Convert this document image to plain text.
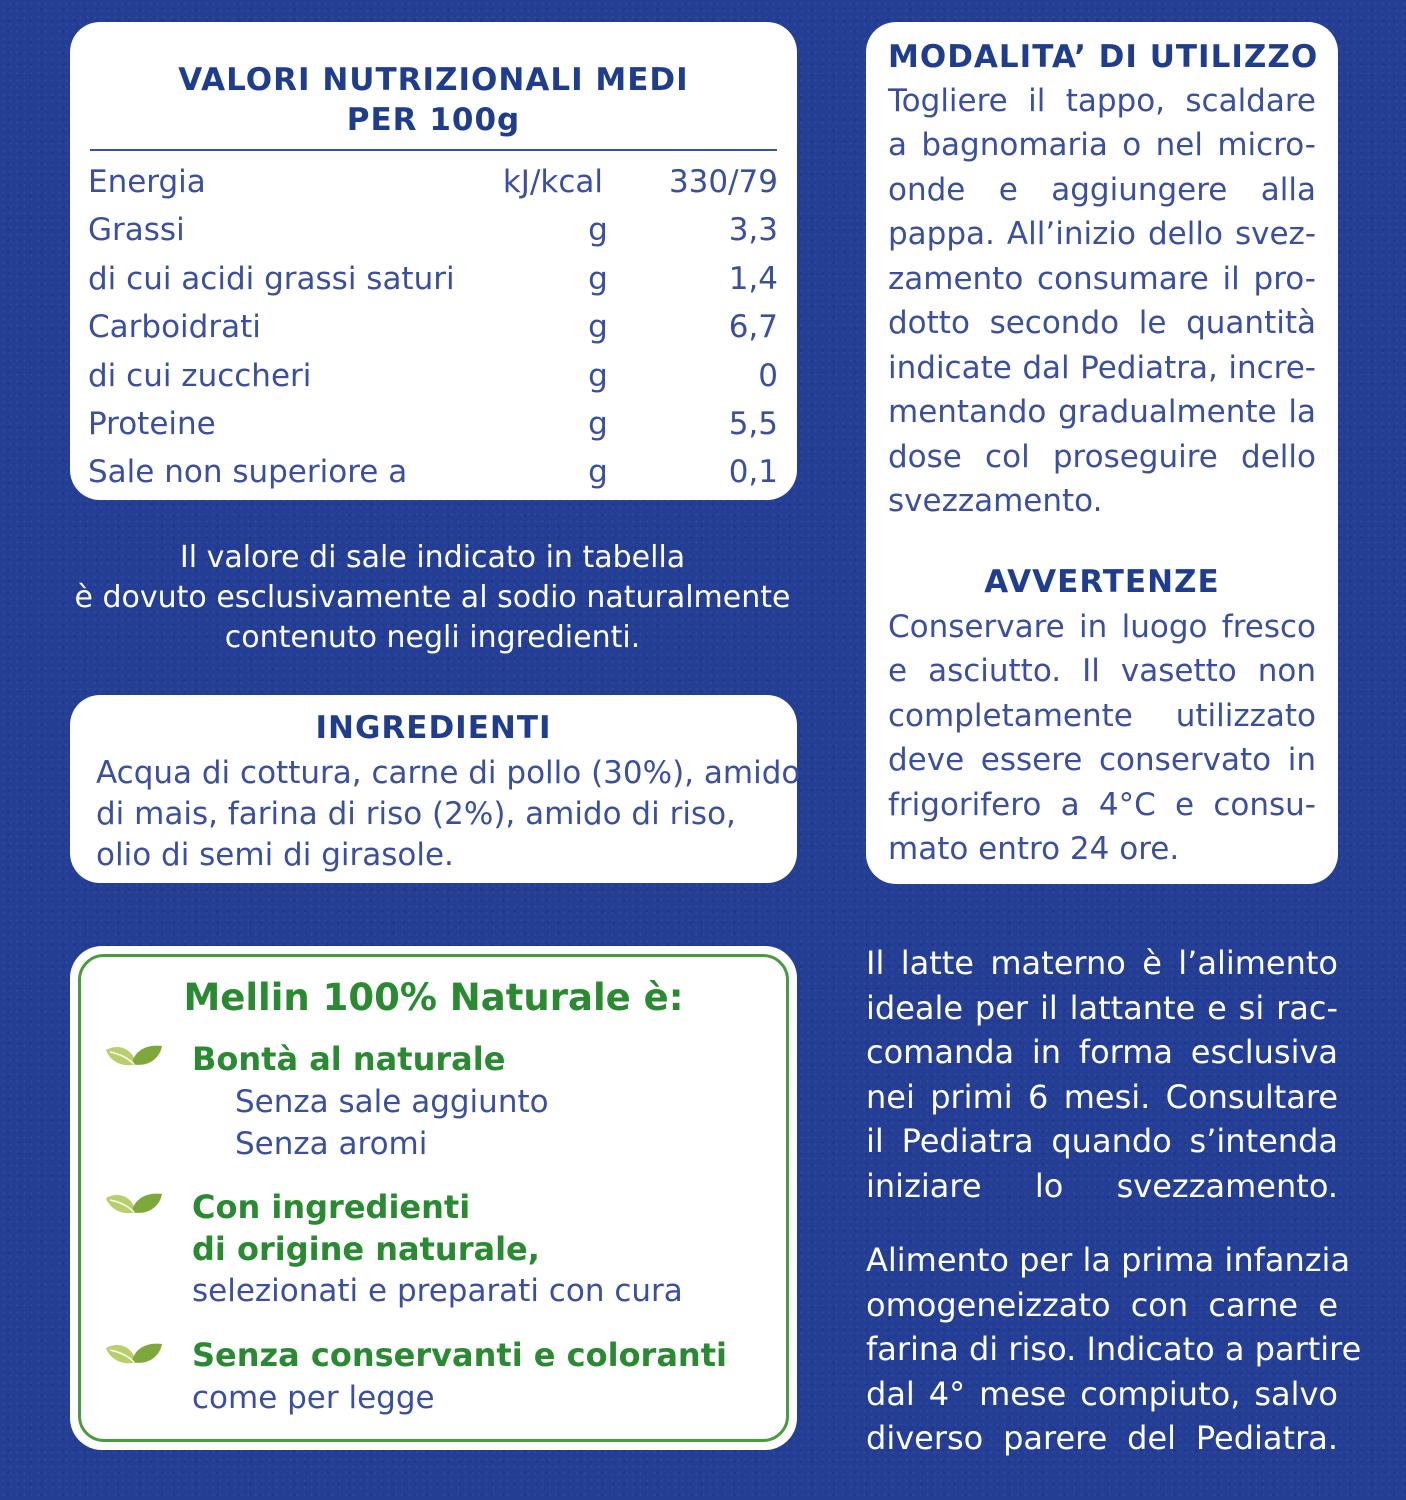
VALORI NUTRIZIONALI MEDI
PER 100g
Energia	kJ/kcal 330/79
Grassi	g	3,3
di cui acidi grassi saturi	g	1,4
Carboidrati	g	6,7
di cui zuccheri	g	0
Proteine	g	5,5
Sale non superiore a	g	0,1
Il valore di sale indicato in tabella
è dovuto esclusivamente al sodio naturalmente
contenuto negli ingredienti.
INGREDIENTI
Acqua di cottura, carne di pollo (30%), amido
di mais, farina di riso (2%), amido di riso,
olio di semi di girasole.
MODALITA’ DI UTILIZZO
Togliere il tappo, scaldare
a bagnomaria o nel micro-
onde e aggiungere alla
pappa. All’inizio dello svez-
zamento consumare il pro-
dotto secondo le quantità
indicate dal Pediatra, incre-
mentando gradualmente la
dose col proseguire dello
svezzamento.
AVVERTENZE
Conservare in luogo fresco
e asciutto. Il vasetto non
completamente utilizzato
deve essere conservato in
frigorifero a 4°C e consu-
mato entro 24 ore.
Mellin 100% Naturale è:
Bontà al naturale
Senza sale aggiunto
Senza aromi
Con ingredienti
di origine naturale,
selezionati e preparati con cura
Senza conservanti e coloranti
come per legge
Il latte materno è l’alimento
ideale per il lattante e si rac-
comanda in forma esclusiva
nei primi 6 mesi. Consultare
il Pediatra quando s’intenda
iniziare lo svezzamento.
Alimento per la prima infanzia
omogeneizzato con carne e
farina di riso. Indicato a partire
dal 4° mese compiuto, salvo
diverso parere del Pediatra.
